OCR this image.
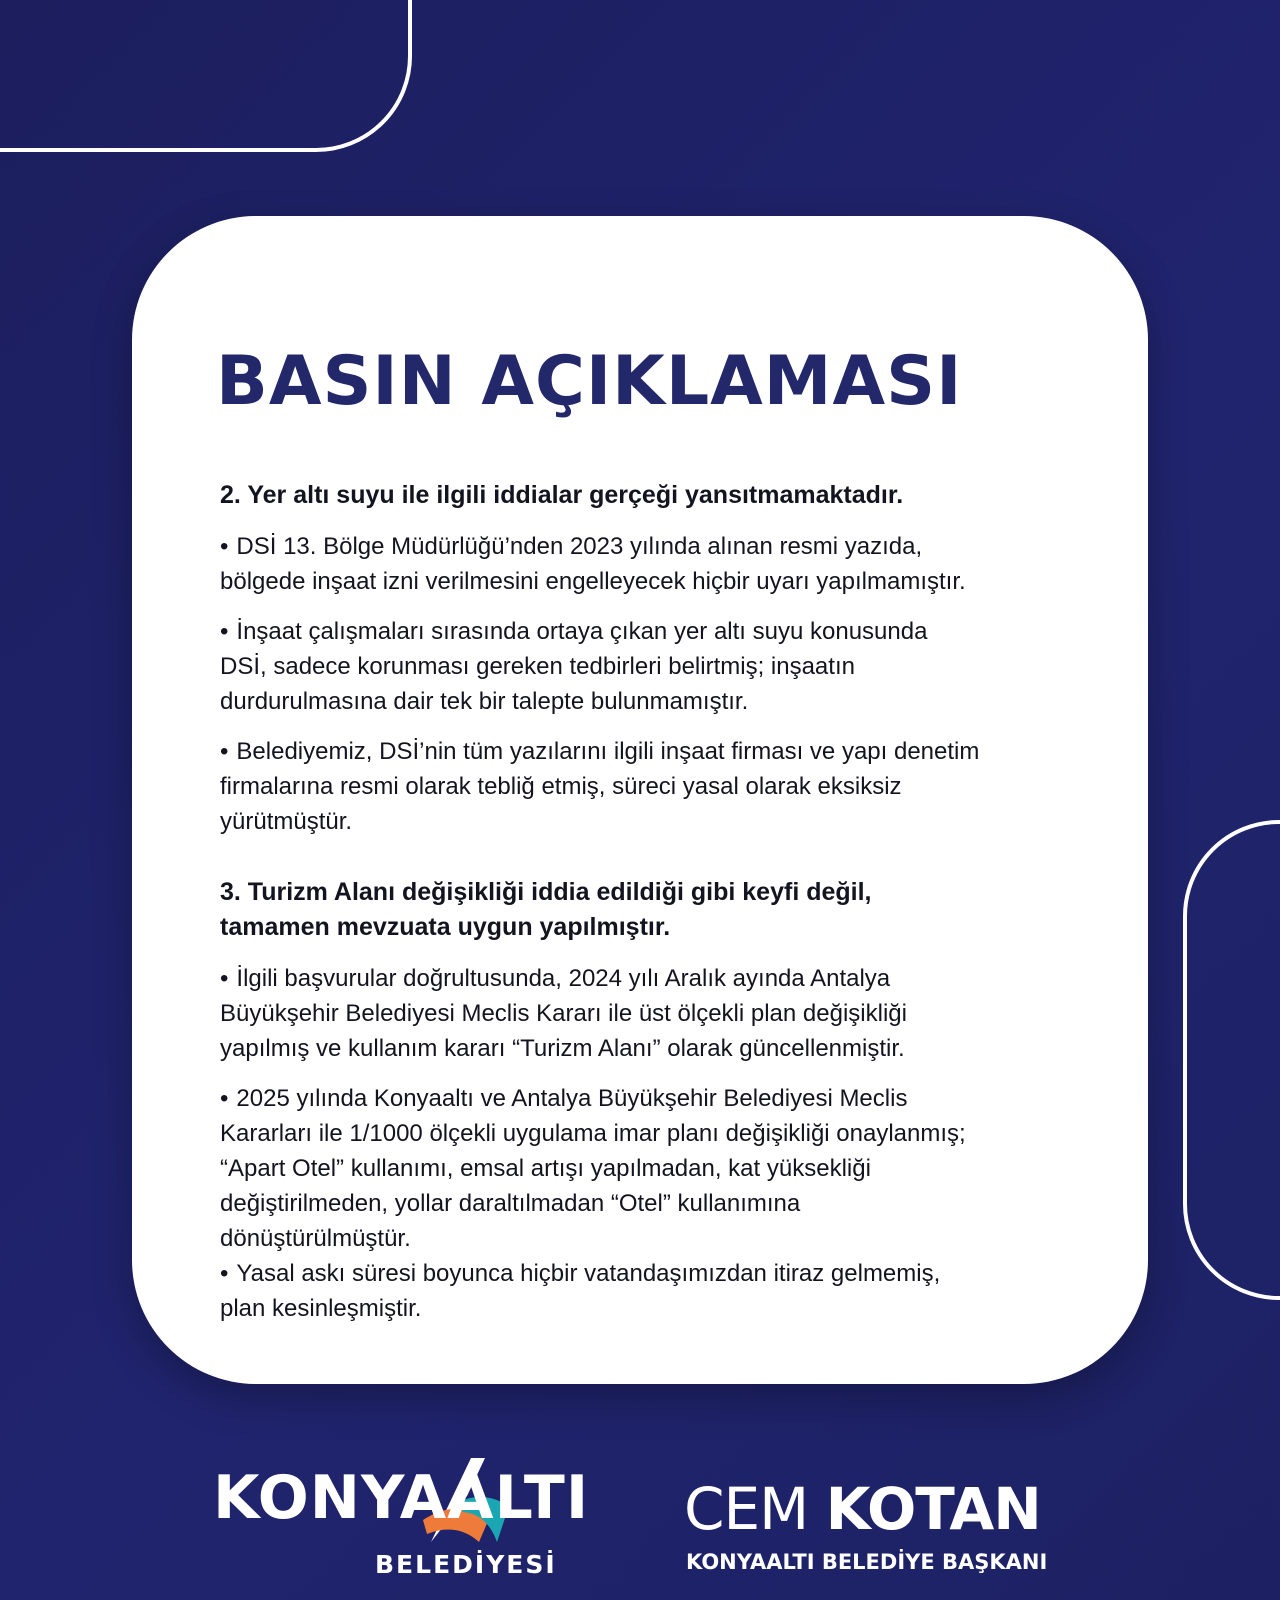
BASIN AÇIKLAMASI
2. Yer altı suyu ile ilgili iddialar gerçeği yansıtmamaktadır.
• DSİ 13. Bölge Müdürlüğü’nden 2023 yılında alınan resmi yazıda,
bölgede inşaat izni verilmesini engelleyecek hiçbir uyarı yapılmamıştır.
• İnşaat çalışmaları sırasında ortaya çıkan yer altı suyu konusunda
DSİ, sadece korunması gereken tedbirleri belirtmiş; inşaatın
durdurulmasına dair tek bir talepte bulunmamıştır.
• Belediyemiz, DSİ’nin tüm yazılarını ilgili inşaat firması ve yapı denetim
firmalarına resmi olarak tebliğ etmiş, süreci yasal olarak eksiksiz
yürütmüştür.
3. Turizm Alanı değişikliği iddia edildiği gibi keyfi değil,
tamamen mevzuata uygun yapılmıştır.
• İlgili başvurular doğrultusunda, 2024 yılı Aralık ayında Antalya
Büyükşehir Belediyesi Meclis Kararı ile üst ölçekli plan değişikliği
yapılmış ve kullanım kararı “Turizm Alanı” olarak güncellenmiştir.
• 2025 yılında Konyaaltı ve Antalya Büyükşehir Belediyesi Meclis
Kararları ile 1/1000 ölçekli uygulama imar planı değişikliği onaylanmış;
“Apart Otel” kullanımı, emsal artışı yapılmadan, kat yüksekliği
değiştirilmeden, yollar daraltılmadan “Otel” kullanımına
dönüştürülmüştür.
• Yasal askı süresi boyunca hiçbir vatandaşımızdan itiraz gelmemiş,
plan kesinleşmiştir.
KONYAALTI
BELEDİYESİ
CEM KOTAN
KONYAALTI BELEDİYE BAŞKANI
